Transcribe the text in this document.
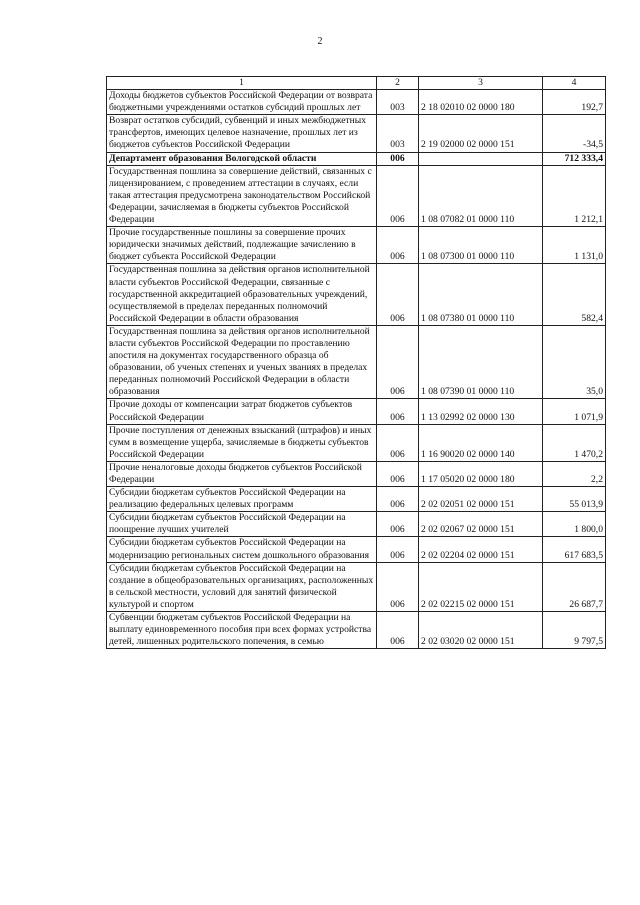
2
1	2	3	4
Доходы бюджетов субъектов Российской Федерации от возврата бюджетными учреждениями остатков субсидий прошлых лет	003	2 18 02010 02 0000 180	192,7
Возврат остатков субсидий, субвенций и иных межбюджетных трансфертов, имеющих целевое назначение, прошлых лет из бюджетов субъектов Российской Федерации	003	2 19 02000 02 0000 151	-34,5
Департамент образования Вологодской области	006		712 333,4
Государственная пошлина за совершение действий, связанных с лицензированием, с проведением аттестации в случаях, если такая аттестация предусмотрена законодательством Российской Федерации, зачисляемая в бюджеты субъектов Российской Федерации	006	1 08 07082 01 0000 110	1 212,1
Прочие государственные пошлины за совершение прочих юридически значимых действий, подлежащие зачислению в бюджет субъекта Российской Федерации	006	1 08 07300 01 0000 110	1 131,0
Государственная пошлина за действия органов исполнительной власти субъектов Российской Федерации, связанные с государственной аккредитацией образовательных учреждений, осуществляемой в пределах переданных полномочий Российской Федерации в области образования	006	1 08 07380 01 0000 110	582,4
Государственная пошлина за действия органов исполнительной власти субъектов Российской Федерации по проставлению апостиля на документах государственного образца об образовании, об ученых степенях и ученых званиях в пределах переданных полномочий Российской Федерации в области образования	006	1 08 07390 01 0000 110	35,0
Прочие доходы от компенсации затрат бюджетов субъектов Российской Федерации	006	1 13 02992 02 0000 130	1 071,9
Прочие поступления от денежных взысканий (штрафов) и иных сумм в возмещение ущерба, зачисляемые в бюджеты субъектов Российской Федерации	006	1 16 90020 02 0000 140	1 470,2
Прочие неналоговые доходы бюджетов субъектов Российской Федерации	006	1 17 05020 02 0000 180	2,2
Субсидии бюджетам субъектов Российской Федерации на реализацию федеральных целевых программ	006	2 02 02051 02 0000 151	55 013,9
Субсидии бюджетам субъектов Российской Федерации на поощрение лучших учителей	006	2 02 02067 02 0000 151	1 800,0
Субсидии бюджетам субъектов Российской Федерации на модернизацию региональных систем дошкольного образования	006	2 02 02204 02 0000 151	617 683,5
Субсидии бюджетам субъектов Российской Федерации на создание в общеобразовательных организациях, расположенных в сельской местности, условий для занятий физической культурой и спортом	006	2 02 02215 02 0000 151	26 687,7
Субвенции бюджетам субъектов Российской Федерации на выплату единовременного пособия при всех формах устройства детей, лишенных родительского попечения, в семью	006	2 02 03020 02 0000 151	9 797,5
